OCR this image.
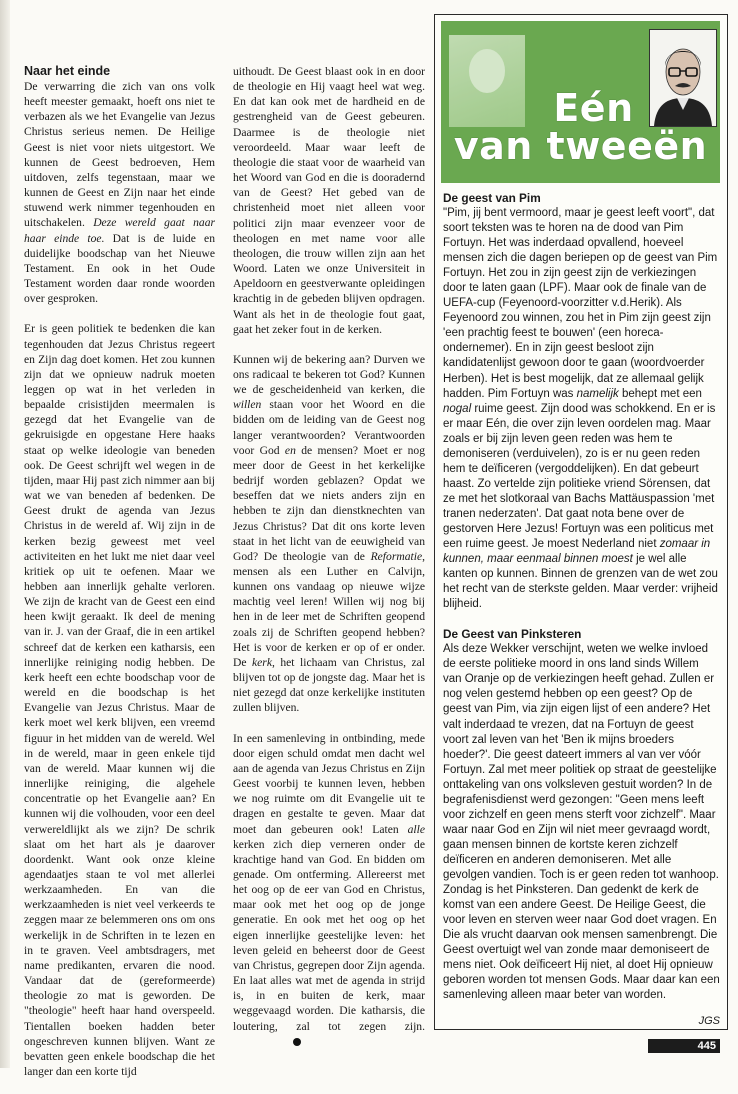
Naar het einde

De verwarring die zich van ons volk heeft meester gemaakt, hoeft ons niet te verbazen als we het Evangelie van Jezus Christus serieus nemen. De Heilige Geest is niet voor niets uitgestort. We kunnen de Geest bedroeven, Hem uitdoven, zelfs tegenstaan, maar we kunnen de Geest en Zijn naar het einde stuwend werk nimmer tegenhouden en uitschakelen. Deze wereld gaat naar haar einde toe. Dat is de luide en duidelijke boodschap van het Nieuwe Testament. En ook in het Oude Testament worden daar ronde woorden over gesproken.

Er is geen politiek te bedenken die kan tegenhouden dat Jezus Christus regeert en Zijn dag doet komen. Het zou kunnen zijn dat we opnieuw nadruk moeten leggen op wat in het verleden in bepaalde crisistijden meermalen is gezegd dat het Evangelie van de gekruisigde en opgestane Here haaks staat op welke ideologie van beneden ook. De Geest schrijft wel wegen in de tijden, maar Hij past zich nimmer aan bij wat we van beneden af bedenken. De Geest drukt de agenda van Jezus Christus in de wereld af. Wij zijn in de kerken bezig geweest met veel activiteiten en het lukt me niet daar veel kritiek op uit te oefenen. Maar we hebben aan innerlijk gehalte verloren. We zijn de kracht van de Geest een eind heen kwijt geraakt. Ik deel de mening van ir. J. van der Graaf, die in een artikel schreef dat de kerken een katharsis, een innerlijke reiniging nodig hebben. De kerk heeft een echte boodschap voor de wereld en die boodschap is het Evangelie van Jezus Christus. Maar de kerk moet wel kerk blijven, een vreemd figuur in het midden van de wereld. Wel in de wereld, maar in geen enkele tijd van de wereld. Maar kunnen wij die innerlijke reiniging, die algehele concentratie op het Evangelie aan? En kunnen wij die volhouden, voor een deel verwereldlijkt als we zijn? De schrik slaat om het hart als je daarover doordenkt. Want ook onze kleine agendaatjes staan te vol met allerlei werkzaamheden. En van die werkzaamheden is niet veel verkeerds te zeggen maar ze belemmeren ons om ons werkelijk in de Schriften in te lezen en in te graven. Veel ambtsdragers, met name predikanten, ervaren die nood. Vandaar dat de (gereformeerde) theologie zo mat is geworden. De "theologie" heeft haar hand overspeeld. Tientallen boeken hadden beter ongeschreven kunnen blijven. Want ze bevatten geen enkele boodschap die het langer dan een korte tijd

uithoudt. De Geest blaast ook in en door de theologie en Hij vaagt heel wat weg. En dat kan ook met de hardheid en de gestrengheid van de Geest gebeuren. Daarmee is de theologie niet veroordeeld. Maar waar leeft de theologie die staat voor de waarheid van het Woord van God en die is dooradernd van de Geest? Het gebed van de christenheid moet niet alleen voor politici zijn maar evenzeer voor de theologen en met name voor alle theologen, die trouw willen zijn aan het Woord. Laten we onze Universiteit in Apeldoorn en geestverwante opleidingen krachtig in de gebeden blijven opdragen. Want als het in de theologie fout gaat, gaat het zeker fout in de kerken.

Kunnen wij de bekering aan? Durven we ons radicaal te bekeren tot God? Kunnen we de gescheidenheid van kerken, die willen staan voor het Woord en die bidden om de leiding van de Geest nog langer verantwoorden? Verantwoorden voor God en de mensen? Moet er nog meer door de Geest in het kerkelijke bedrijf worden geblazen? Opdat we beseffen dat we niets anders zijn en hebben te zijn dan dienstknechten van Jezus Christus? Dat dit ons korte leven staat in het licht van de eeuwigheid van God? De theologie van de Reformatie, mensen als een Luther en Calvijn, kunnen ons vandaag op nieuwe wijze machtig veel leren! Willen wij nog bij hen in de leer met de Schriften geopend zoals zij de Schriften geopend hebben? Het is voor de kerken er op of er onder. De kerk, het lichaam van Christus, zal blijven tot op de jongste dag. Maar het is niet gezegd dat onze kerkelijke instituten zullen blijven.

In een samenleving in ontbinding, mede door eigen schuld omdat men dacht wel aan de agenda van Jezus Christus en Zijn Geest voorbij te kunnen leven, hebben we nog ruimte om dit Evangelie uit te dragen en gestalte te geven. Maar dat moet dan gebeuren ook! Laten alle kerken zich diep verneren onder de krachtige hand van God. En bidden om genade. Om ontferming. Allereerst met het oog op de eer van God en Christus, maar ook met het oog op de jonge generatie. En ook met het oog op het eigen innerlijke geestelijke leven: het leven geleid en beheerst door de Geest van Christus, gegrepen door Zijn agenda. En laat alles wat met de agenda in strijd is, in en buiten de kerk, maar weggevaagd worden. Die katharsis, die loutering, zal tot zegen zijn.

Eén
van tweeën
De geest van Pim

"Pim, jij bent vermoord, maar je geest leeft voort", dat soort teksten was te horen na de dood van Pim Fortuyn. Het was inderdaad opvallend, hoeveel mensen zich die dagen beriepen op de geest van Pim Fortuyn. Het zou in zijn geest zijn de verkiezingen door te laten gaan (LPF). Maar ook de finale van de UEFA-cup (Feyenoord-voorzitter v.d.Herik). Als Feyenoord zou winnen, zou het in Pim zijn geest zijn 'een prachtig feest te bouwen' (een horeca-ondernemer). En in zijn geest besloot zijn kandidatenlijst gewoon door te gaan (woordvoerder Herben). Het is best mogelijk, dat ze allemaal gelijk hadden. Pim Fortuyn was namelijk behept met een nogal ruime geest. Zijn dood was schokkend. En er is er maar Eén, die over zijn leven oordelen mag. Maar zoals er bij zijn leven geen reden was hem te demoniseren (verduivelen), zo is er nu geen reden hem te deïficeren (vergoddelijken). En dat gebeurt haast. Zo vertelde zijn politieke vriend Sörensen, dat ze met het slotkoraal van Bachs Mattäuspassion 'met tranen nederzaten'. Dat gaat nota bene over de gestorven Here Jezus! Fortuyn was een politicus met een ruime geest. Je moest Nederland niet zomaar in kunnen, maar eenmaal binnen moest je wel alle kanten op kunnen. Binnen de grenzen van de wet zou het recht van de sterkste gelden. Maar verder: vrijheid blijheid.

De Geest van Pinksteren

Als deze Wekker verschijnt, weten we welke invloed de eerste politieke moord in ons land sinds Willem van Oranje op de verkiezingen heeft gehad. Zullen er nog velen gestemd hebben op een geest? Op de geest van Pim, via zijn eigen lijst of een andere? Het valt inderdaad te vrezen, dat na Fortuyn de geest voort zal leven van het 'Ben ik mijns broeders hoeder?'. Die geest dateert immers al van ver vóór Fortuyn. Zal met meer politiek op straat de geestelijke onttakeling van ons volksleven gestuit worden? In de begrafenisdienst werd gezongen: "Geen mens leeft voor zichzelf en geen mens sterft voor zichzelf". Maar waar naar God en Zijn wil niet meer gevraagd wordt, gaan mensen binnen de kortste keren zichzelf deïficeren en anderen demoniseren. Met alle gevolgen vandien. Toch is er geen reden tot wanhoop. Zondag is het Pinksteren. Dan gedenkt de kerk de komst van een andere Geest. De Heilige Geest, die voor leven en sterven weer naar God doet vragen. En Die als vrucht daarvan ook mensen samenbrengt. Die Geest overtuigt wel van zonde maar demoniseert de mens niet. Ook deïficeert Hij niet, al doet Hij opnieuw geboren worden tot mensen Gods. Maar daar kan een samenleving alleen maar beter van worden.

JGS
445
